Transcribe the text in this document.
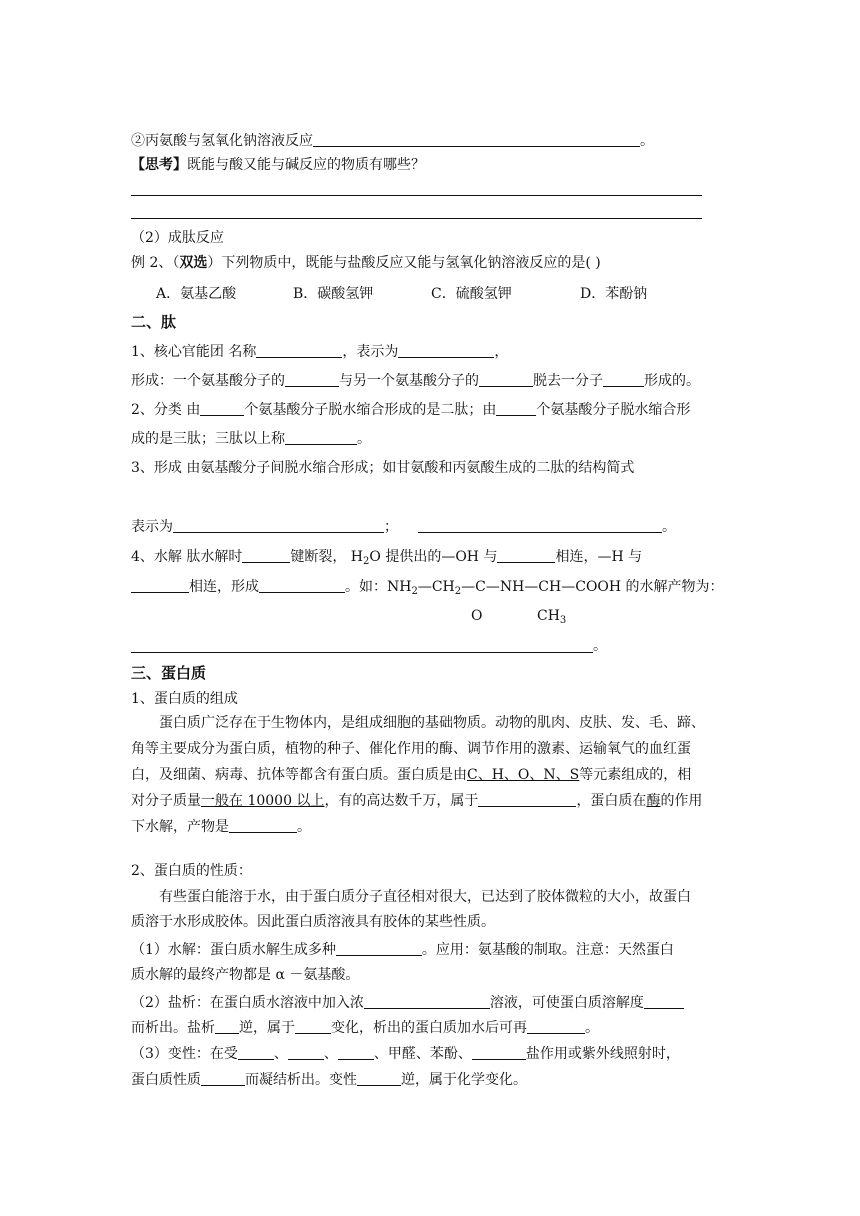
②丙氨酸与氢氧化钠溶液反应	。
【思考】既能与酸又能与碱反应的物质有哪些？
（2）成肽反应
例 2、（双选）下列物质中，既能与盐酸反应又能与氢氧化钠溶液反应的是( )
A．氨基乙酸	B．碳酸氢钾	C．硫酸氢钾	D．苯酚钠
二、肽
1、核心官能团 名称	，表示为	，
形成：一个氨基酸分子的	与另一个氨基酸分子的	脱去一分子	形成的。
2、分类 由	个氨基酸分子脱水缩合形成的是二肽；由	个氨基酸分子脱水缩合形
成的是三肽；三肽以上称	。
3、形成 由氨基酸分子间脱水缩合形成；如甘氨酸和丙氨酸生成的二肽的结构简式
表示为	；	。
4、水解 肽水解时	键断裂， $H_2O$ 提供出的—OH 与	相连，—H 与
相连，形成	。如：$NH_2—CH_2—C—NH—CH—COOH$ 的水解产物为：
O	$CH_3$
。
三、蛋白质
1、蛋白质的组成
蛋白质广泛存在于生物体内，是组成细胞的基础物质。动物的肌肉、皮肤、发、毛、蹄、
角等主要成分为蛋白质，植物的种子、催化作用的酶、调节作用的激素、运输氧气的血红蛋
白，及细菌、病毒、抗体等都含有蛋白质。蛋白质是由C、H、O、N、S等元素组成的，相
对分子质量一般在 10000 以上，有的高达数千万，属于	，蛋白质在酶的作用
下水解，产物是	。
2、蛋白质的性质：
有些蛋白能溶于水，由于蛋白质分子直径相对很大，已达到了胶体微粒的大小，故蛋白
质溶于水形成胶体。因此蛋白质溶液具有胶体的某些性质。
（1）水解：蛋白质水解生成多种	。应用：氨基酸的制取。注意：天然蛋白
质水解的最终产物都是 α －氨基酸。
（2）盐析：在蛋白质水溶液中加入浓	溶液，可使蛋白质溶解度
而析出。盐析 逆，属于	变化，析出的蛋白质加水后可再	。
（3）变性：在受	、	、	、甲醛、苯酚、	盐作用或紫外线照射时，
蛋白质性质	而凝结析出。变性	逆，属于化学变化。
